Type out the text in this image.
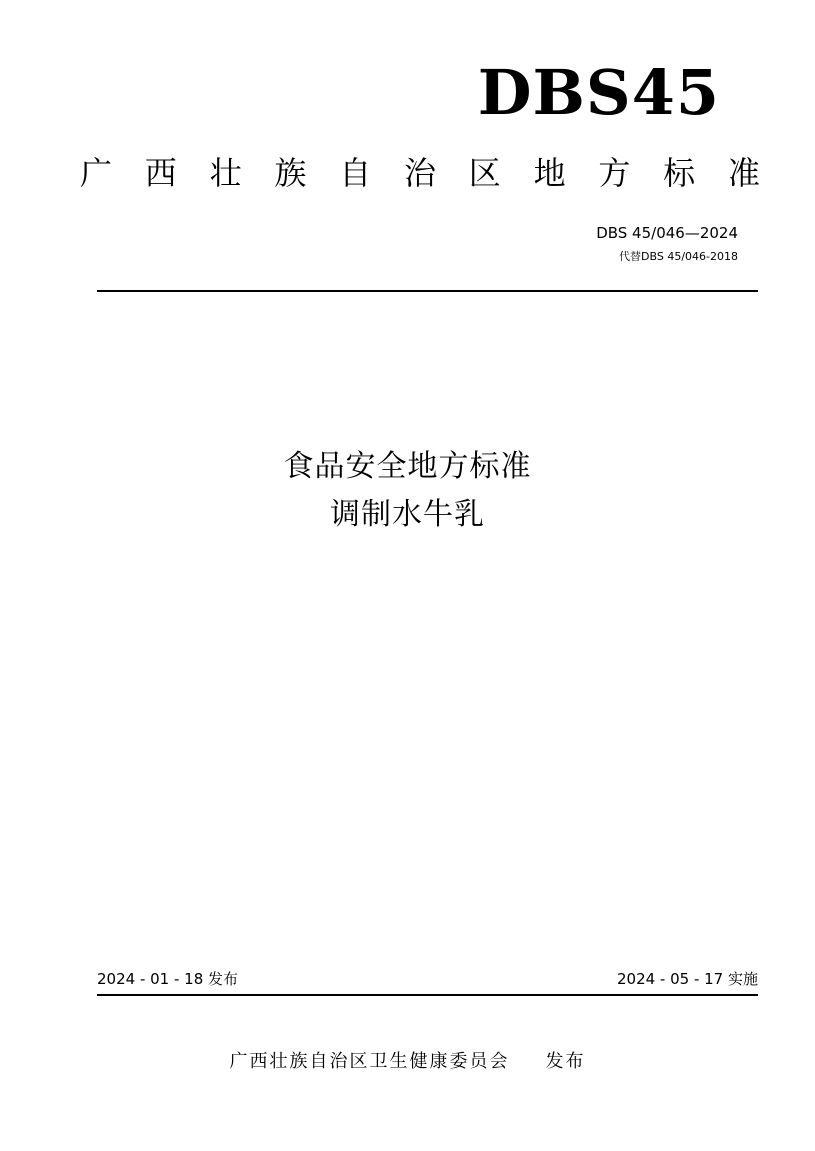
DBS45
广 西 壮 族 自 治 区 地 方 标 准
DBS 45/046—2024
代替DBS 45/046-2018
食品安全地方标准
调制水牛乳
2024 - 01 - 18 发布	2024 - 05 - 17 实施
广西壮族自治区卫生健康委员会 发布
